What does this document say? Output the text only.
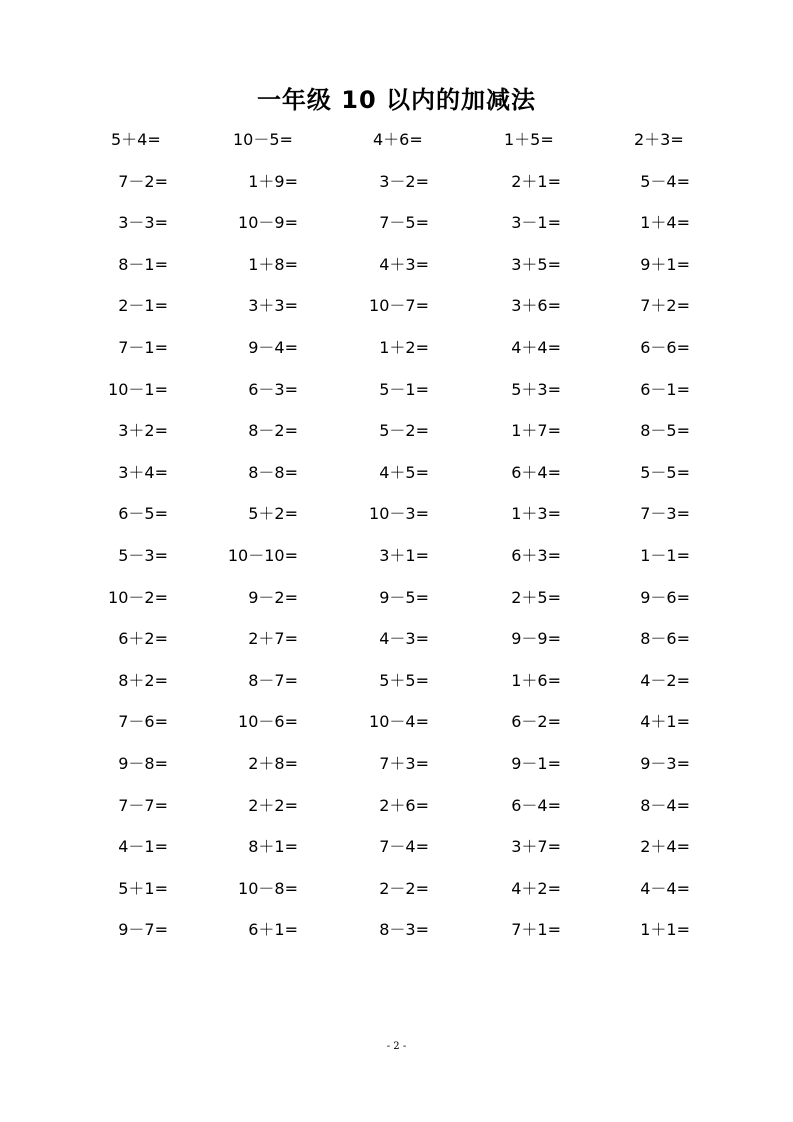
一年级 10 以内的加减法
5＋4=	10－5=	4＋6=	1＋5=	2＋3=
7－2=	1＋9=	3－2=	2＋1=	5－4=
3－3=	10－9=	7－5=	3－1=	1＋4=
8－1=	1＋8=	4＋3=	3＋5=	9＋1=
2－1=	3＋3=	10－7=	3＋6=	7＋2=
7－1=	9－4=	1＋2=	4＋4=	6－6=
10－1=	6－3=	5－1=	5＋3=	6－1=
3＋2=	8－2=	5－2=	1＋7=	8－5=
3＋4=	8－8=	4＋5=	6＋4=	5－5=
6－5=	5＋2=	10－3=	1＋3=	7－3=
5－3=	10－10=	3＋1=	6＋3=	1－1=
10－2=	9－2=	9－5=	2＋5=	9－6=
6＋2=	2＋7=	4－3=	9－9=	8－6=
8＋2=	8－7=	5＋5=	1＋6=	4－2=
7－6=	10－6=	10－4=	6－2=	4＋1=
9－8=	2＋8=	7＋3=	9－1=	9－3=
7－7=	2＋2=	2＋6=	6－4=	8－4=
4－1=	8＋1=	7－4=	3＋7=	2＋4=
5＋1=	10－8=	2－2=	4＋2=	4－4=
9－7=	6＋1=	8－3=	7＋1=	1＋1=
- 2 -
